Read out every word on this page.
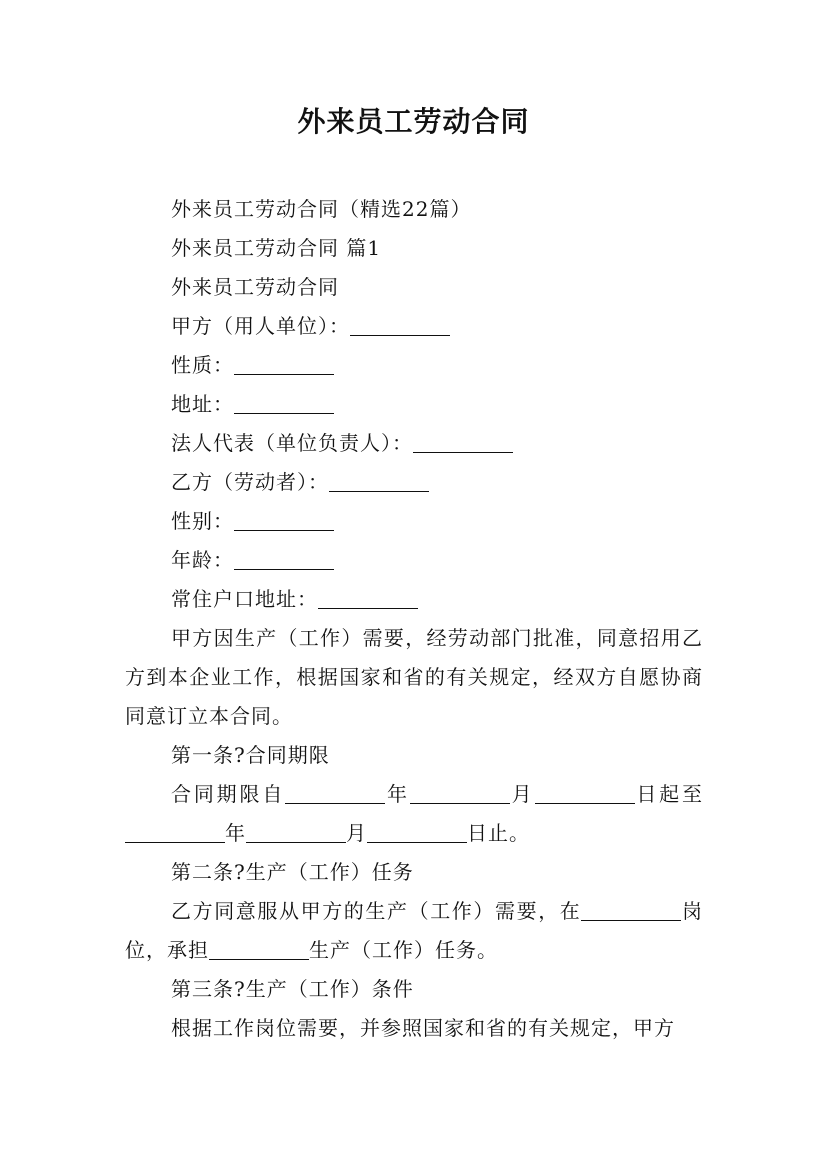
外来员工劳动合同

外来员工劳动合同（精选22篇）

外来员工劳动合同 篇1

外来员工劳动合同

甲方（用人单位）：

性质：

地址：

法人代表（单位负责人）：

乙方（劳动者）：

性别：

年龄：

常住户口地址：

甲方因生产（工作）需要，经劳动部门批准，同意招用乙方到本企业工作，根据国家和省的有关规定，经双方自愿协商同意订立本合同。

第一条?合同期限

合同期限自	年	月	日起至年	月	日止。

第二条?生产（工作）任务

乙方同意服从甲方的生产（工作）需要，在	岗位，承担	生产（工作）任务。

第三条?生产（工作）条件

根据工作岗位需要，并参照国家和省的有关规定，甲方
